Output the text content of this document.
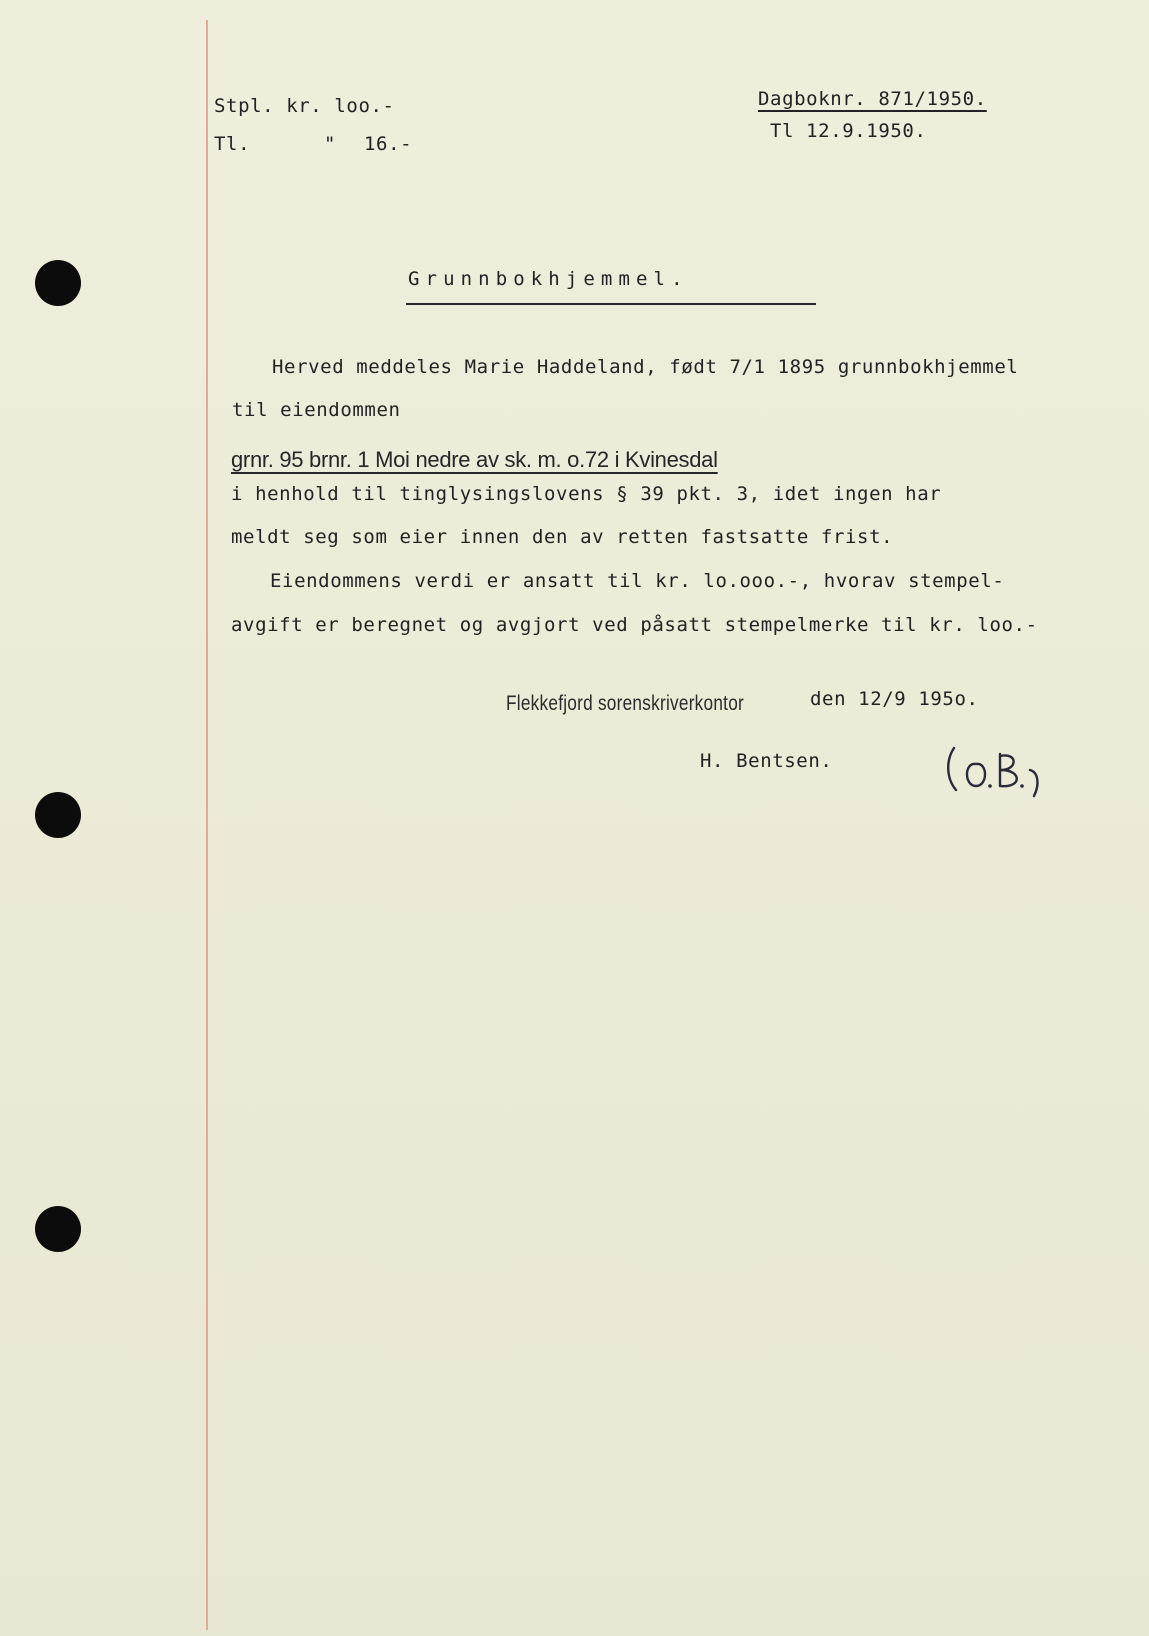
Stpl. kr. loo.-
Tl.	" 16.-
Dagboknr. 871/1950.
Tl 12.9.1950.
Grunnbokhjemmel.
Herved meddeles Marie Haddeland, født 7/1 1895 grunnbokhjemmel
til eiendommen
grnr. 95 brnr. 1 Moi nedre av sk. m. o.72 i Kvinesdal
i henhold til tinglysingslovens § 39 pkt. 3, idet ingen har
meldt seg som eier innen den av retten fastsatte frist.
Eiendommens verdi er ansatt til kr. lo.ooo.-, hvorav stempel-
avgift er beregnet og avgjort ved påsatt stempelmerke til kr. loo.-
Flekkefjord sorenskriverkontor	den 12/9 195o.
H. Bentsen.
